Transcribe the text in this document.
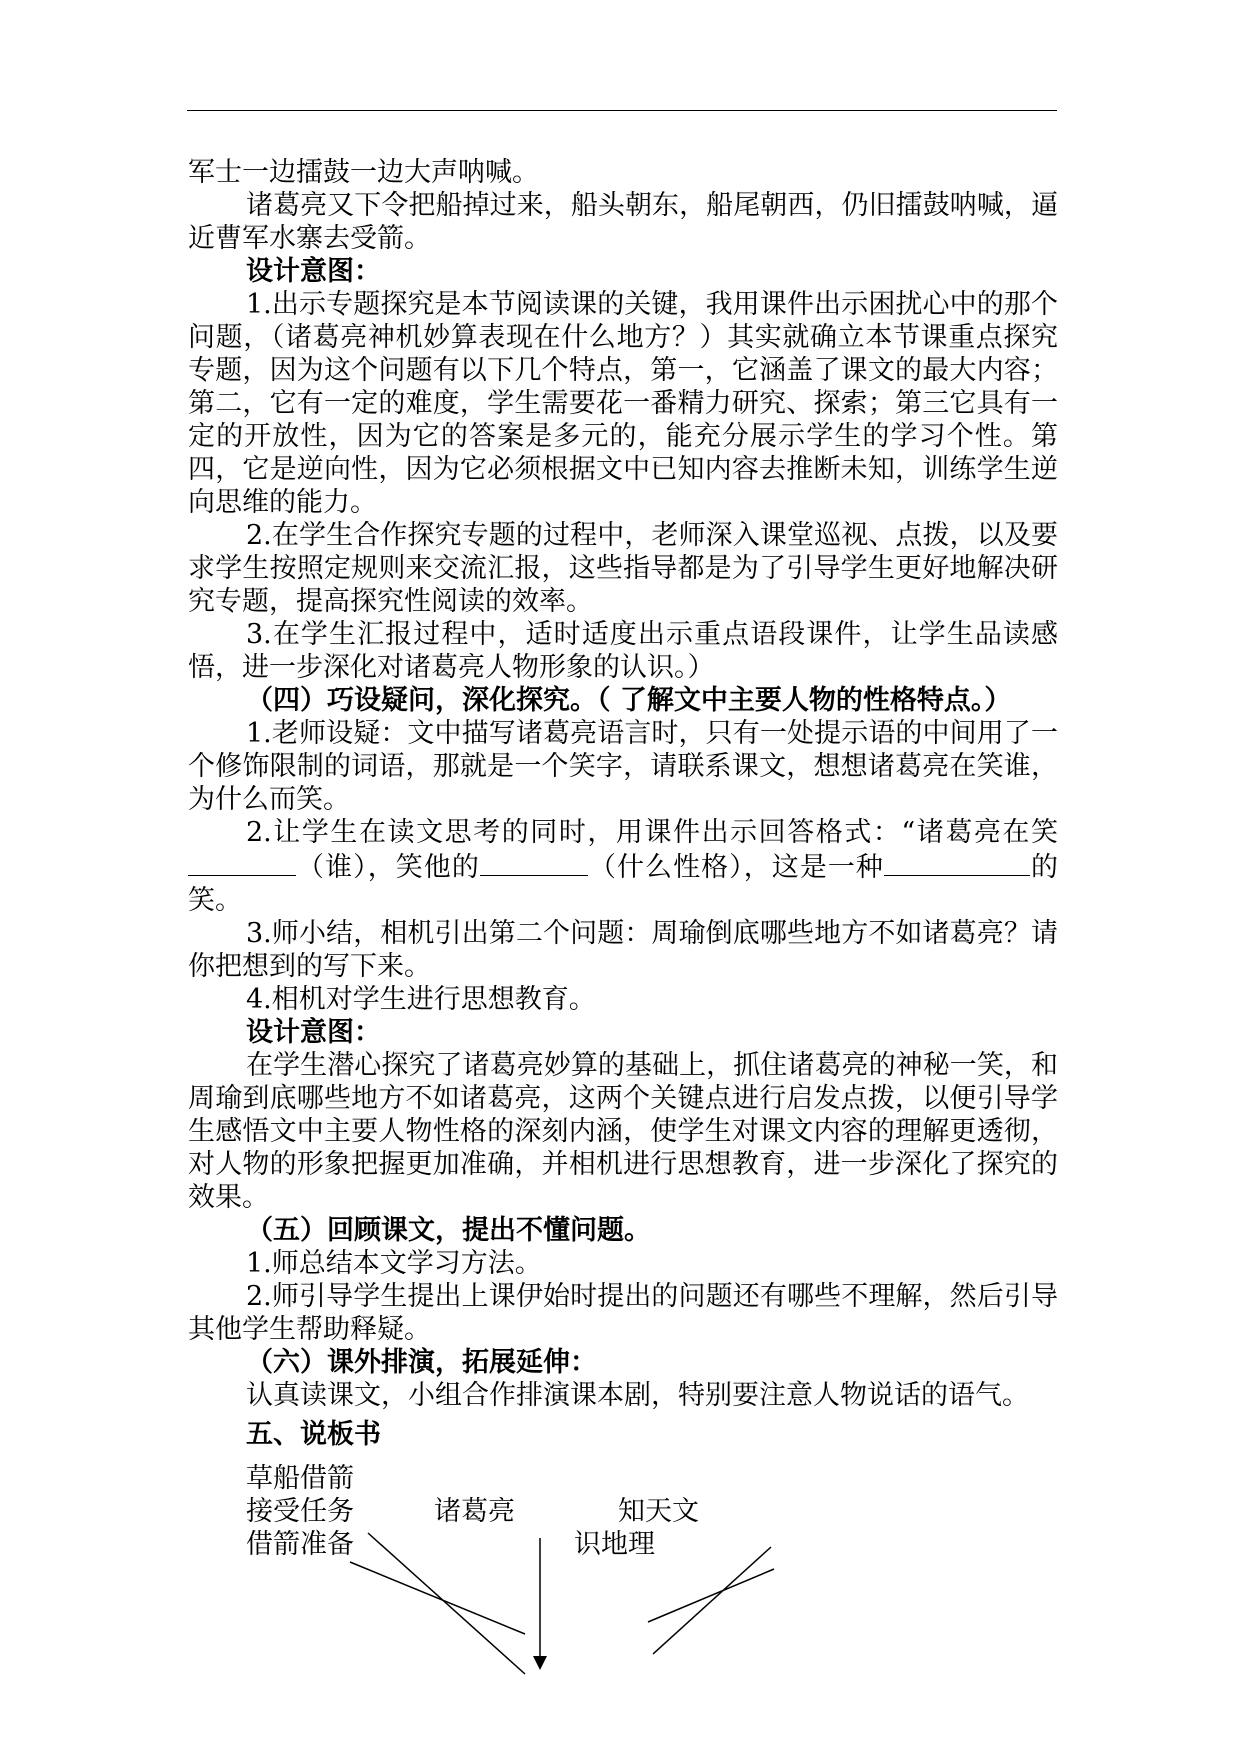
军士一边擂鼓一边大声呐喊。

诸葛亮又下令把船掉过来，船头朝东，船尾朝西，仍旧擂鼓呐喊，逼近曹军水寨去受箭。

设计意图：

1.出示专题探究是本节阅读课的关键，我用课件出示困扰心中的那个问题，（诸葛亮神机妙算表现在什么地方？）其实就确立本节课重点探究专题，因为这个问题有以下几个特点，第一，它涵盖了课文的最大内容；第二，它有一定的难度，学生需要花一番精力研究、探索；第三它具有一定的开放性，因为它的答案是多元的，能充分展示学生的学习个性。第四，它是逆向性，因为它必须根据文中已知内容去推断未知，训练学生逆向思维的能力。

2.在学生合作探究专题的过程中，老师深入课堂巡视、点拨，以及要求学生按照定规则来交流汇报，这些指导都是为了引导学生更好地解决研究专题，提高探究性阅读的效率。

3.在学生汇报过程中，适时适度出示重点语段课件，让学生品读感悟，进一步深化对诸葛亮人物形象的认识。）

（四）巧设疑问，深化探究。（ 了解文中主要人物的性格特点。）

1.老师设疑：文中描写诸葛亮语言时，只有一处提示语的中间用了一个修饰限制的词语，那就是一个笑字，请联系课文，想想诸葛亮在笑谁，为什么而笑。

2.让学生在读文思考的同时，用课件出示回答格式：“诸葛亮在笑（谁），笑他的	（什么性格），这是一种	的笑。

3.师小结，相机引出第二个问题：周瑜倒底哪些地方不如诸葛亮？请你把想到的写下来。

4.相机对学生进行思想教育。

设计意图：

在学生潜心探究了诸葛亮妙算的基础上，抓住诸葛亮的神秘一笑，和周瑜到底哪些地方不如诸葛亮，这两个关键点进行启发点拨，以便引导学生感悟文中主要人物性格的深刻内涵，使学生对课文内容的理解更透彻，对人物的形象把握更加准确，并相机进行思想教育，进一步深化了探究的效果。

（五）回顾课文，提出不懂问题。

1.师总结本文学习方法。

2.师引导学生提出上课伊始时提出的问题还有哪些不理解，然后引导其他学生帮助释疑。

（六）课外排演，拓展延伸：

认真读课文，小组合作排演课本剧，特别要注意人物说话的语气。

五、说板书

草船借箭
接受任务	诸葛亮	知天文
借箭准备	识地理
